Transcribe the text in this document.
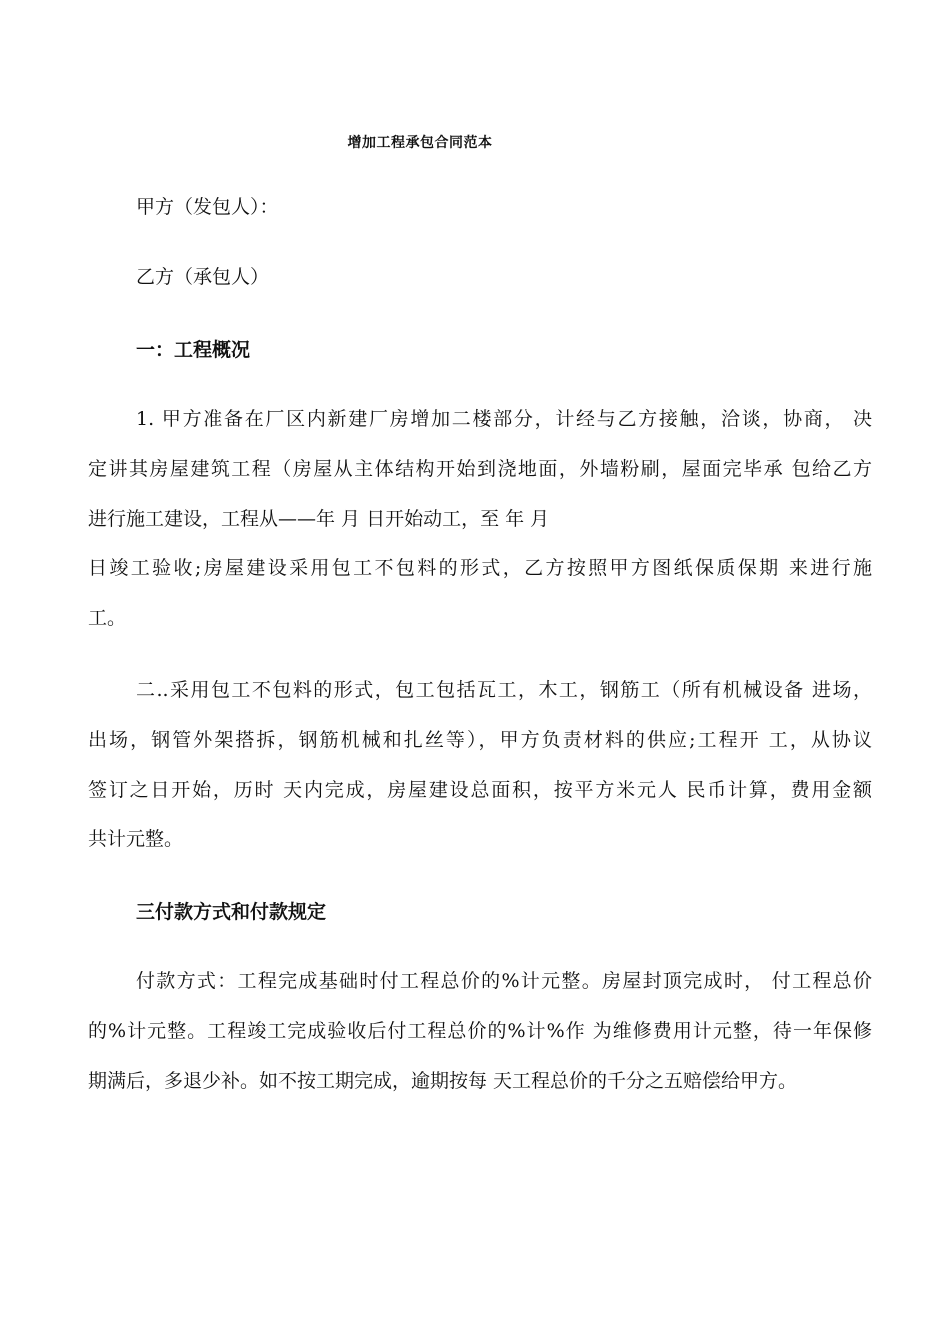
增加工程承包合同范本
甲方（发包人）：
乙方（承包人）
一：工程概况
1. 甲方准备在厂区内新建厂房增加二楼部分，计经与乙方接触，洽谈，协商， 决
定讲其房屋建筑工程（房屋从主体结构开始到浇地面，外墙粉刷，屋面完毕承 包给乙方
进行施工建设，工程从——年 月 日开始动工，至 年 月
日竣工验收;房屋建设采用包工不包料的形式，乙方按照甲方图纸保质保期 来进行施
工。
二..采用包工不包料的形式，包工包括瓦工，木工，钢筋工（所有机械设备 进场，
出场，钢管外架搭拆，钢筋机械和扎丝等），甲方负责材料的供应;工程开 工，从协议
签订之日开始，历时 天内完成，房屋建设总面积，按平方米元人 民币计算，费用金额
共计元整。
三付款方式和付款规定
付款方式：工程完成基础时付工程总价的%计元整。房屋封顶完成时， 付工程总价
的%计元整。工程竣工完成验收后付工程总价的%计%作 为维修费用计元整，待一年保修
期满后，多退少补。如不按工期完成，逾期按每 天工程总价的千分之五赔偿给甲方。
